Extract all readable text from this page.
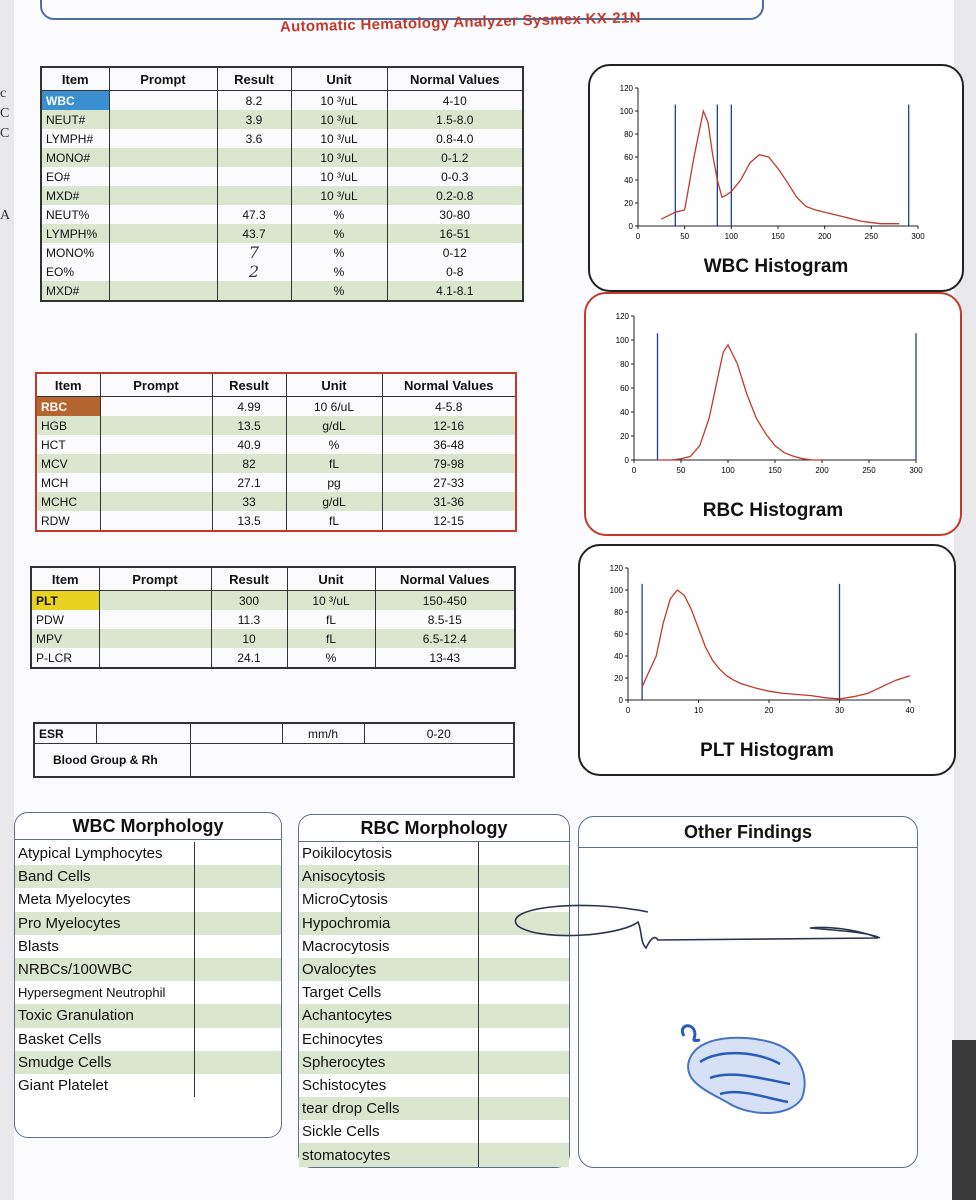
Automatic Hematology Analyzer Sysmex KX-21N
c
C
C
A
Item	Prompt	Result	Unit	Normal Values
WBC		8.2	10 ³/uL	4-10
NEUT#		3.9	10 ³/uL	1.5-8.0
LYMPH#		3.6	10 ³/uL	0.8-4.0
MONO#			10 ³/uL	0-1.2
EO#			10 ³/uL	0-0.3
MXD#			10 ³/uL	0.2-0.8
NEUT%		47.3	%	30-80
LYMPH%		43.7	%	16-51
MONO%		7	%	0-12
EO%		2	%	0-8
MXD#			%	4.1-8.1
Item	Prompt	Result	Unit	Normal Values
RBC		4.99	10 6/uL	4-5.8
HGB		13.5	g/dL	12-16
HCT		40.9	%	36-48
MCV		82	fL	79-98
MCH		27.1	pg	27-33
MCHC		33	g/dL	31-36
RDW		13.5	fL	12-15
Item	Prompt	Result	Unit	Normal Values
PLT		300	10 ³/uL	150-450
PDW		11.3	fL	8.5-15
MPV		10	fL	6.5-12.4
P-LCR		24.1	%	13-43
ESR			mm/h	0-20
Blood Group & Rh				
0
20
40
60
80
100
120
0	50	100	150	200	250	300
WBC Histogram
0
20
40
60
80
100
120
0	50	100	150	200	250	300
RBC Histogram
0
20
40
60
80
100
120
0	10	20	30	40
PLT Histogram
WBC Morphology
Atypical Lymphocytes
Band Cells
Meta Myelocytes
Pro Myelocytes
Blasts
NRBCs/100WBC
Hypersegment Neutrophil
Toxic Granulation
Basket Cells
Smudge Cells
Giant Platelet
RBC Morphology
Poikilocytosis
Anisocytosis
MicroCytosis
Hypochromia
Macrocytosis
Ovalocytes
Target Cells
Achantocytes
Echinocytes
Spherocytes
Schistocytes
tear drop Cells
Sickle Cells
stomatocytes
Other Findings
